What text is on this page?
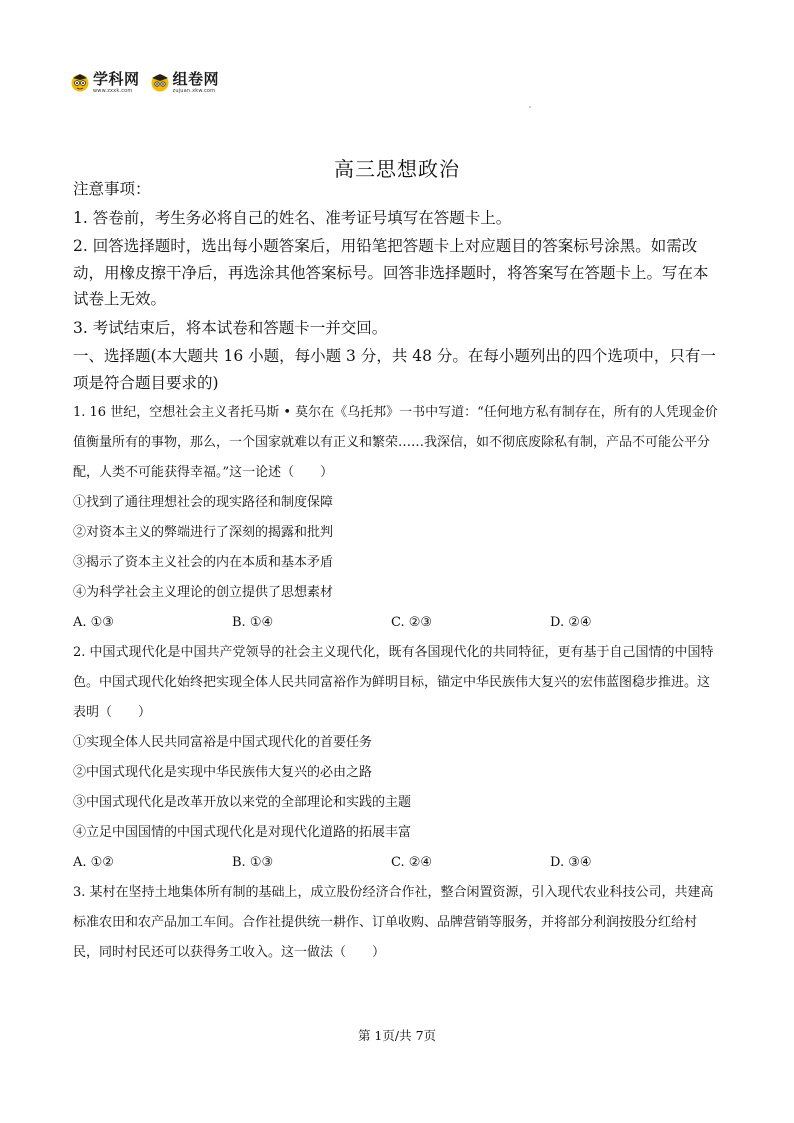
学科网
www.zxxk.com
组卷网
zujuan.xkw.com
高三思想政治

注意事项：

1. 答卷前，考生务必将自己的姓名、准考证号填写在答题卡上。

2. 回答选择题时，选出每小题答案后，用铅笔把答题卡上对应题目的答案标号涂黑。如需改动，用橡皮擦干净后，再选涂其他答案标号。回答非选择题时，将答案写在答题卡上。写在本试卷上无效。

3. 考试结束后，将本试卷和答题卡一并交回。

一、选择题(本大题共 16 小题，每小题 3 分，共 48 分。在每小题列出的四个选项中，只有一项是符合题目要求的)

1. 16 世纪，空想社会主义者托马斯 • 莫尔在《乌托邦》一书中写道：“任何地方私有制存在，所有的人凭现金价值衡量所有的事物，那么，一个国家就难以有正义和繁荣……我深信，如不彻底废除私有制，产品不可能公平分配，人类不可能获得幸福。”这一论述（　　）

①找到了通往理想社会的现实路径和制度保障

②对资本主义的弊端进行了深刻的揭露和批判

③揭示了资本主义社会的内在本质和基本矛盾

④为科学社会主义理论的创立提供了思想素材

A. ①③	B. ①④	C. ②③	D. ②④

2. 中国式现代化是中国共产党领导的社会主义现代化，既有各国现代化的共同特征，更有基于自己国情的中国特色。中国式现代化始终把实现全体人民共同富裕作为鲜明目标，锚定中华民族伟大复兴的宏伟蓝图稳步推进。这表明（　　）

①实现全体人民共同富裕是中国式现代化的首要任务

②中国式现代化是实现中华民族伟大复兴的必由之路

③中国式现代化是改革开放以来党的全部理论和实践的主题

④立足中国国情的中国式现代化是对现代化道路的拓展丰富

A. ①②	B. ①③	C. ②④	D. ③④

3. 某村在坚持土地集体所有制的基础上，成立股份经济合作社，整合闲置资源，引入现代农业科技公司，共建高标准农田和农产品加工车间。合作社提供统一耕作、订单收购、品牌营销等服务，并将部分利润按股分红给村民，同时村民还可以获得务工收入。这一做法（　　）

第 1页/共 7页
